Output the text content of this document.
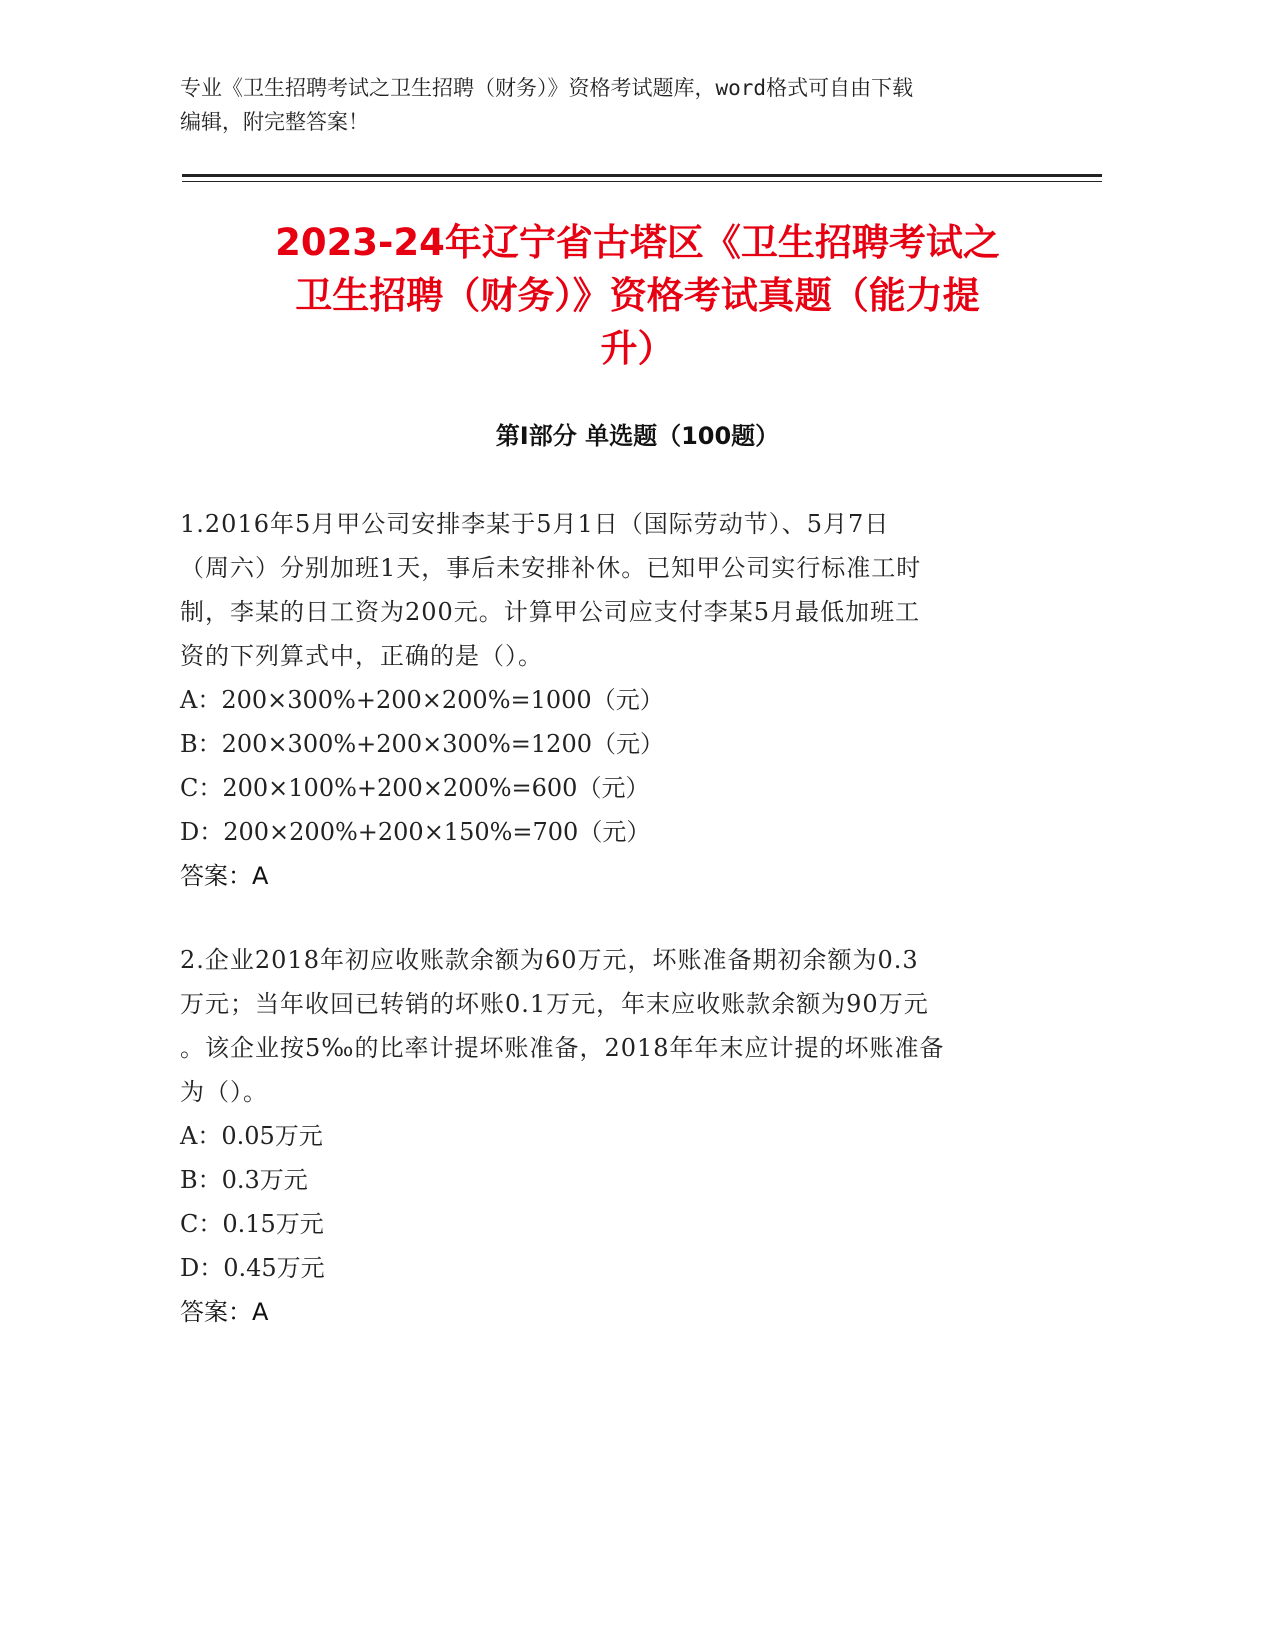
专业《卫生招聘考试之卫生招聘（财务）》资格考试题库，word格式可自由下载
编辑，附完整答案！
2023-24年辽宁省古塔区《卫生招聘考试之
卫生招聘（财务）》资格考试真题（能力提
升）
第Ⅰ部分 单选题（100题）
1.2016年5月甲公司安排李某于5月1日（国际劳动节）、5月7日
（周六）分别加班1天，事后未安排补休。已知甲公司实行标准工时
制，李某的日工资为200元。计算甲公司应支付李某5月最低加班工
资的下列算式中，正确的是（）。
A：200×300%+200×200%=1000（元）
B：200×300%+200×300%=1200（元）
C：200×100%+200×200%=600（元）
D：200×200%+200×150%=700（元）
答案：A
2.企业2018年初应收账款余额为60万元，坏账准备期初余额为0.3
万元；当年收回已转销的坏账0.1万元，年末应收账款余额为90万元
。该企业按5‰的比率计提坏账准备，2018年年末应计提的坏账准备
为（）。
A：0.05万元
B：0.3万元
C：0.15万元
D：0.45万元
答案：A
